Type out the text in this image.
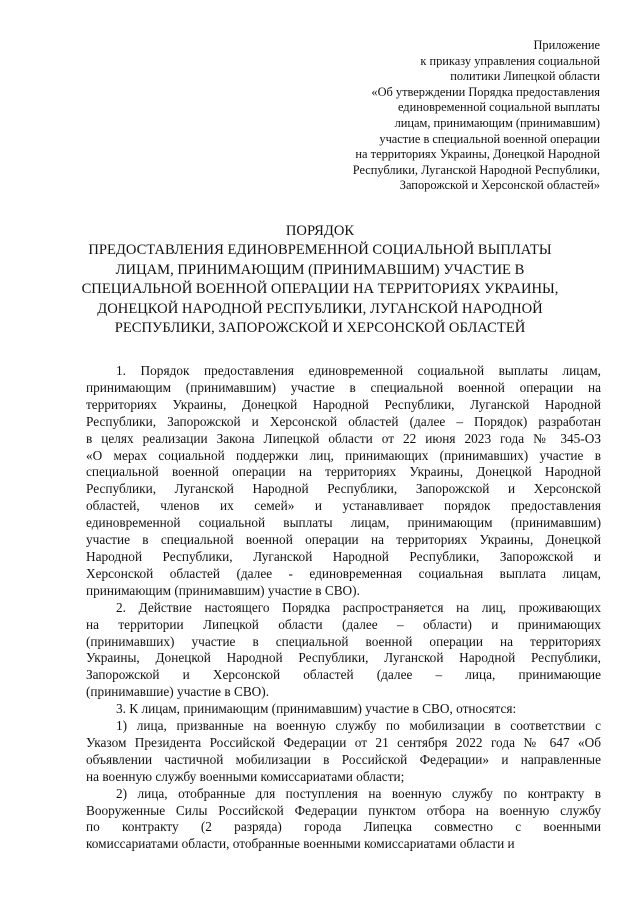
Приложение
к приказу управления социальной
политики Липецкой области
«Об утверждении Порядка предоставления
единовременной социальной выплаты
лицам, принимающим (принимавшим)
участие в специальной военной операции
на территориях Украины, Донецкой Народной
Республики, Луганской Народной Республики,
Запорожской и Херсонской областей»
ПОРЯДОК
ПРЕДОСТАВЛЕНИЯ ЕДИНОВРЕМЕННОЙ СОЦИАЛЬНОЙ ВЫПЛАТЫ
ЛИЦАМ, ПРИНИМАЮЩИМ (ПРИНИМАВШИМ) УЧАСТИЕ В
СПЕЦИАЛЬНОЙ ВОЕННОЙ ОПЕРАЦИИ НА ТЕРРИТОРИЯХ УКРАИНЫ,
ДОНЕЦКОЙ НАРОДНОЙ РЕСПУБЛИКИ, ЛУГАНСКОЙ НАРОДНОЙ
РЕСПУБЛИКИ, ЗАПОРОЖСКОЙ И ХЕРСОНСКОЙ ОБЛАСТЕЙ

1. Порядок предоставления единовременной социальной выплаты лицам,
принимающим (принимавшим) участие в специальной военной операции на
территориях Украины, Донецкой Народной Республики, Луганской Народной
Республики, Запорожской и Херсонской областей (далее – Порядок) разработан
в целях реализации Закона Липецкой области от 22 июня 2023 года № 345-ОЗ
«О мерах социальной поддержки лиц, принимающих (принимавших) участие в
специальной военной операции на территориях Украины, Донецкой Народной
Республики, Луганской Народной Республики, Запорожской и Херсонской
областей, членов их семей» и устанавливает порядок предоставления
единовременной социальной выплаты лицам, принимающим (принимавшим)
участие в специальной военной операции на территориях Украины, Донецкой
Народной Республики, Луганской Народной Республики, Запорожской и
Херсонской областей (далее - единовременная социальная выплата лицам,
принимающим (принимавшим) участие в СВО).

2. Действие настоящего Порядка распространяется на лиц, проживающих
на территории Липецкой области (далее – области) и принимающих
(принимавших) участие в специальной военной операции на территориях
Украины, Донецкой Народной Республики, Луганской Народной Республики,
Запорожской и Херсонской областей (далее – лица, принимающие
(принимавшие) участие в СВО).

3. К лицам, принимающим (принимавшим) участие в СВО, относятся:

1) лица, призванные на военную службу по мобилизации в соответствии с
Указом Президента Российской Федерации от 21 сентября 2022 года № 647 «Об
объявлении частичной мобилизации в Российской Федерации» и направленные
на военную службу военными комиссариатами области;

2) лица, отобранные для поступления на военную службу по контракту в
Вооруженные Силы Российской Федерации пунктом отбора на военную службу
по контракту (2 разряда) города Липецка совместно с военными
комиссариатами области, отобранные военными комиссариатами области и
